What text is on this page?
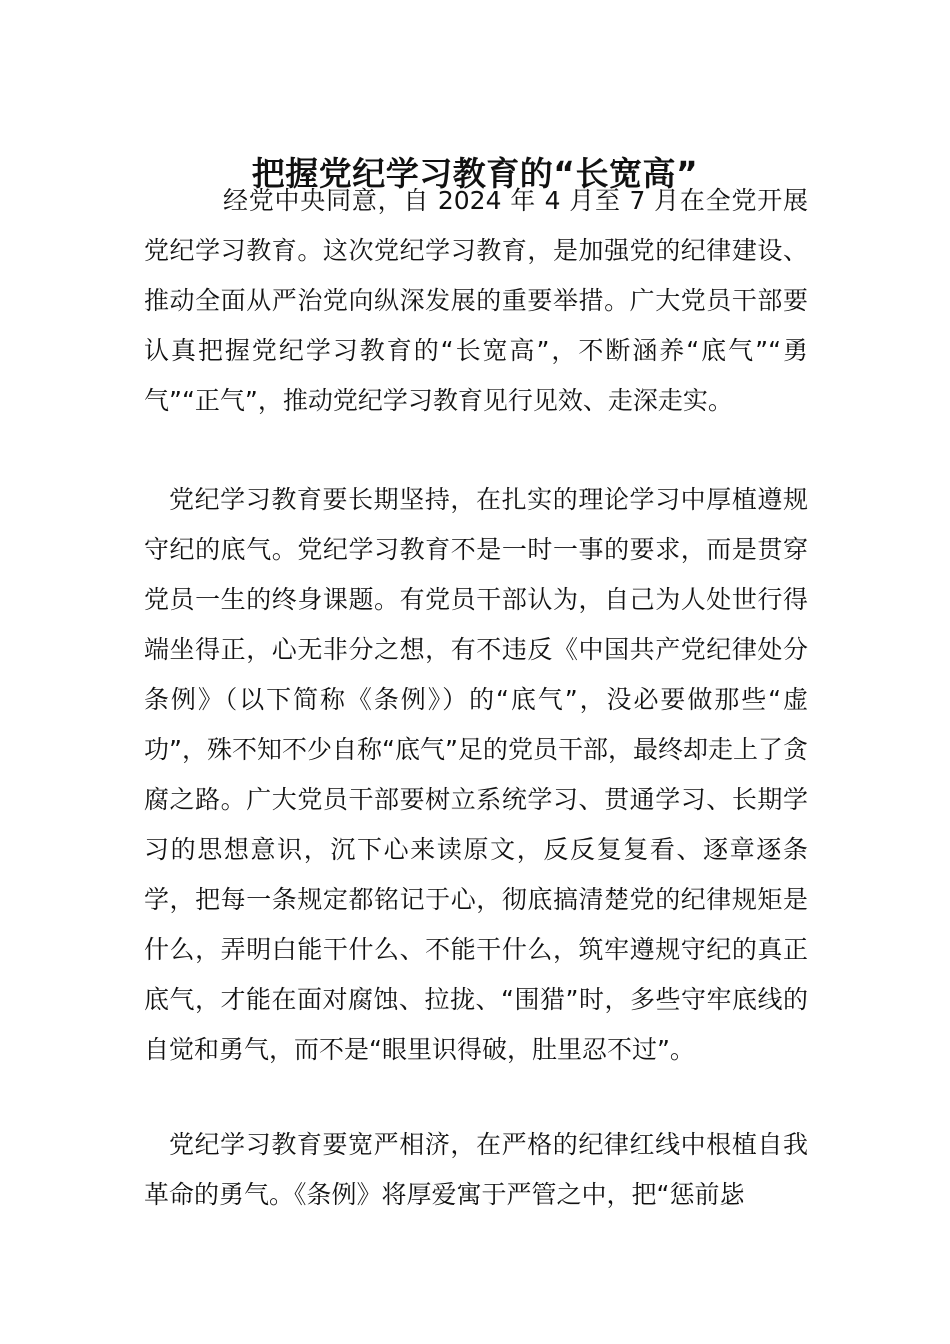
把握党纪学习教育的“长宽高”

经党中央同意，自 2024 年 4 月至 7 月在全党开展党纪学习教育。这次党纪学习教育，是加强党的纪律建设、推动全面从严治党向纵深发展的重要举措。广大党员干部要认真把握党纪学习教育的“长宽高”，不断涵养“底气”“勇气”“正气”，推动党纪学习教育见行见效、走深走实。

党纪学习教育要长期坚持，在扎实的理论学习中厚植遵规守纪的底气。党纪学习教育不是一时一事的要求，而是贯穿党员一生的终身课题。有党员干部认为，自己为人处世行得端坐得正，心无非分之想，有不违反《中国共产党纪律处分条例》（以下简称《条例》）的“底气”，没必要做那些“虚功”，殊不知不少自称“底气”足的党员干部，最终却走上了贪腐之路。广大党员干部要树立系统学习、贯通学习、长期学习的思想意识，沉下心来读原文，反反复复看、逐章逐条学，把每一条规定都铭记于心，彻底搞清楚党的纪律规矩是什么，弄明白能干什么、不能干什么，筑牢遵规守纪的真正底气，才能在面对腐蚀、拉拢、“围猎”时，多些守牢底线的自觉和勇气，而不是“眼里识得破，肚里忍不过”。

党纪学习教育要宽严相济，在严格的纪律红线中根植自我革命的勇气。《条例》将厚爱寓于严管之中，把“惩前毖
